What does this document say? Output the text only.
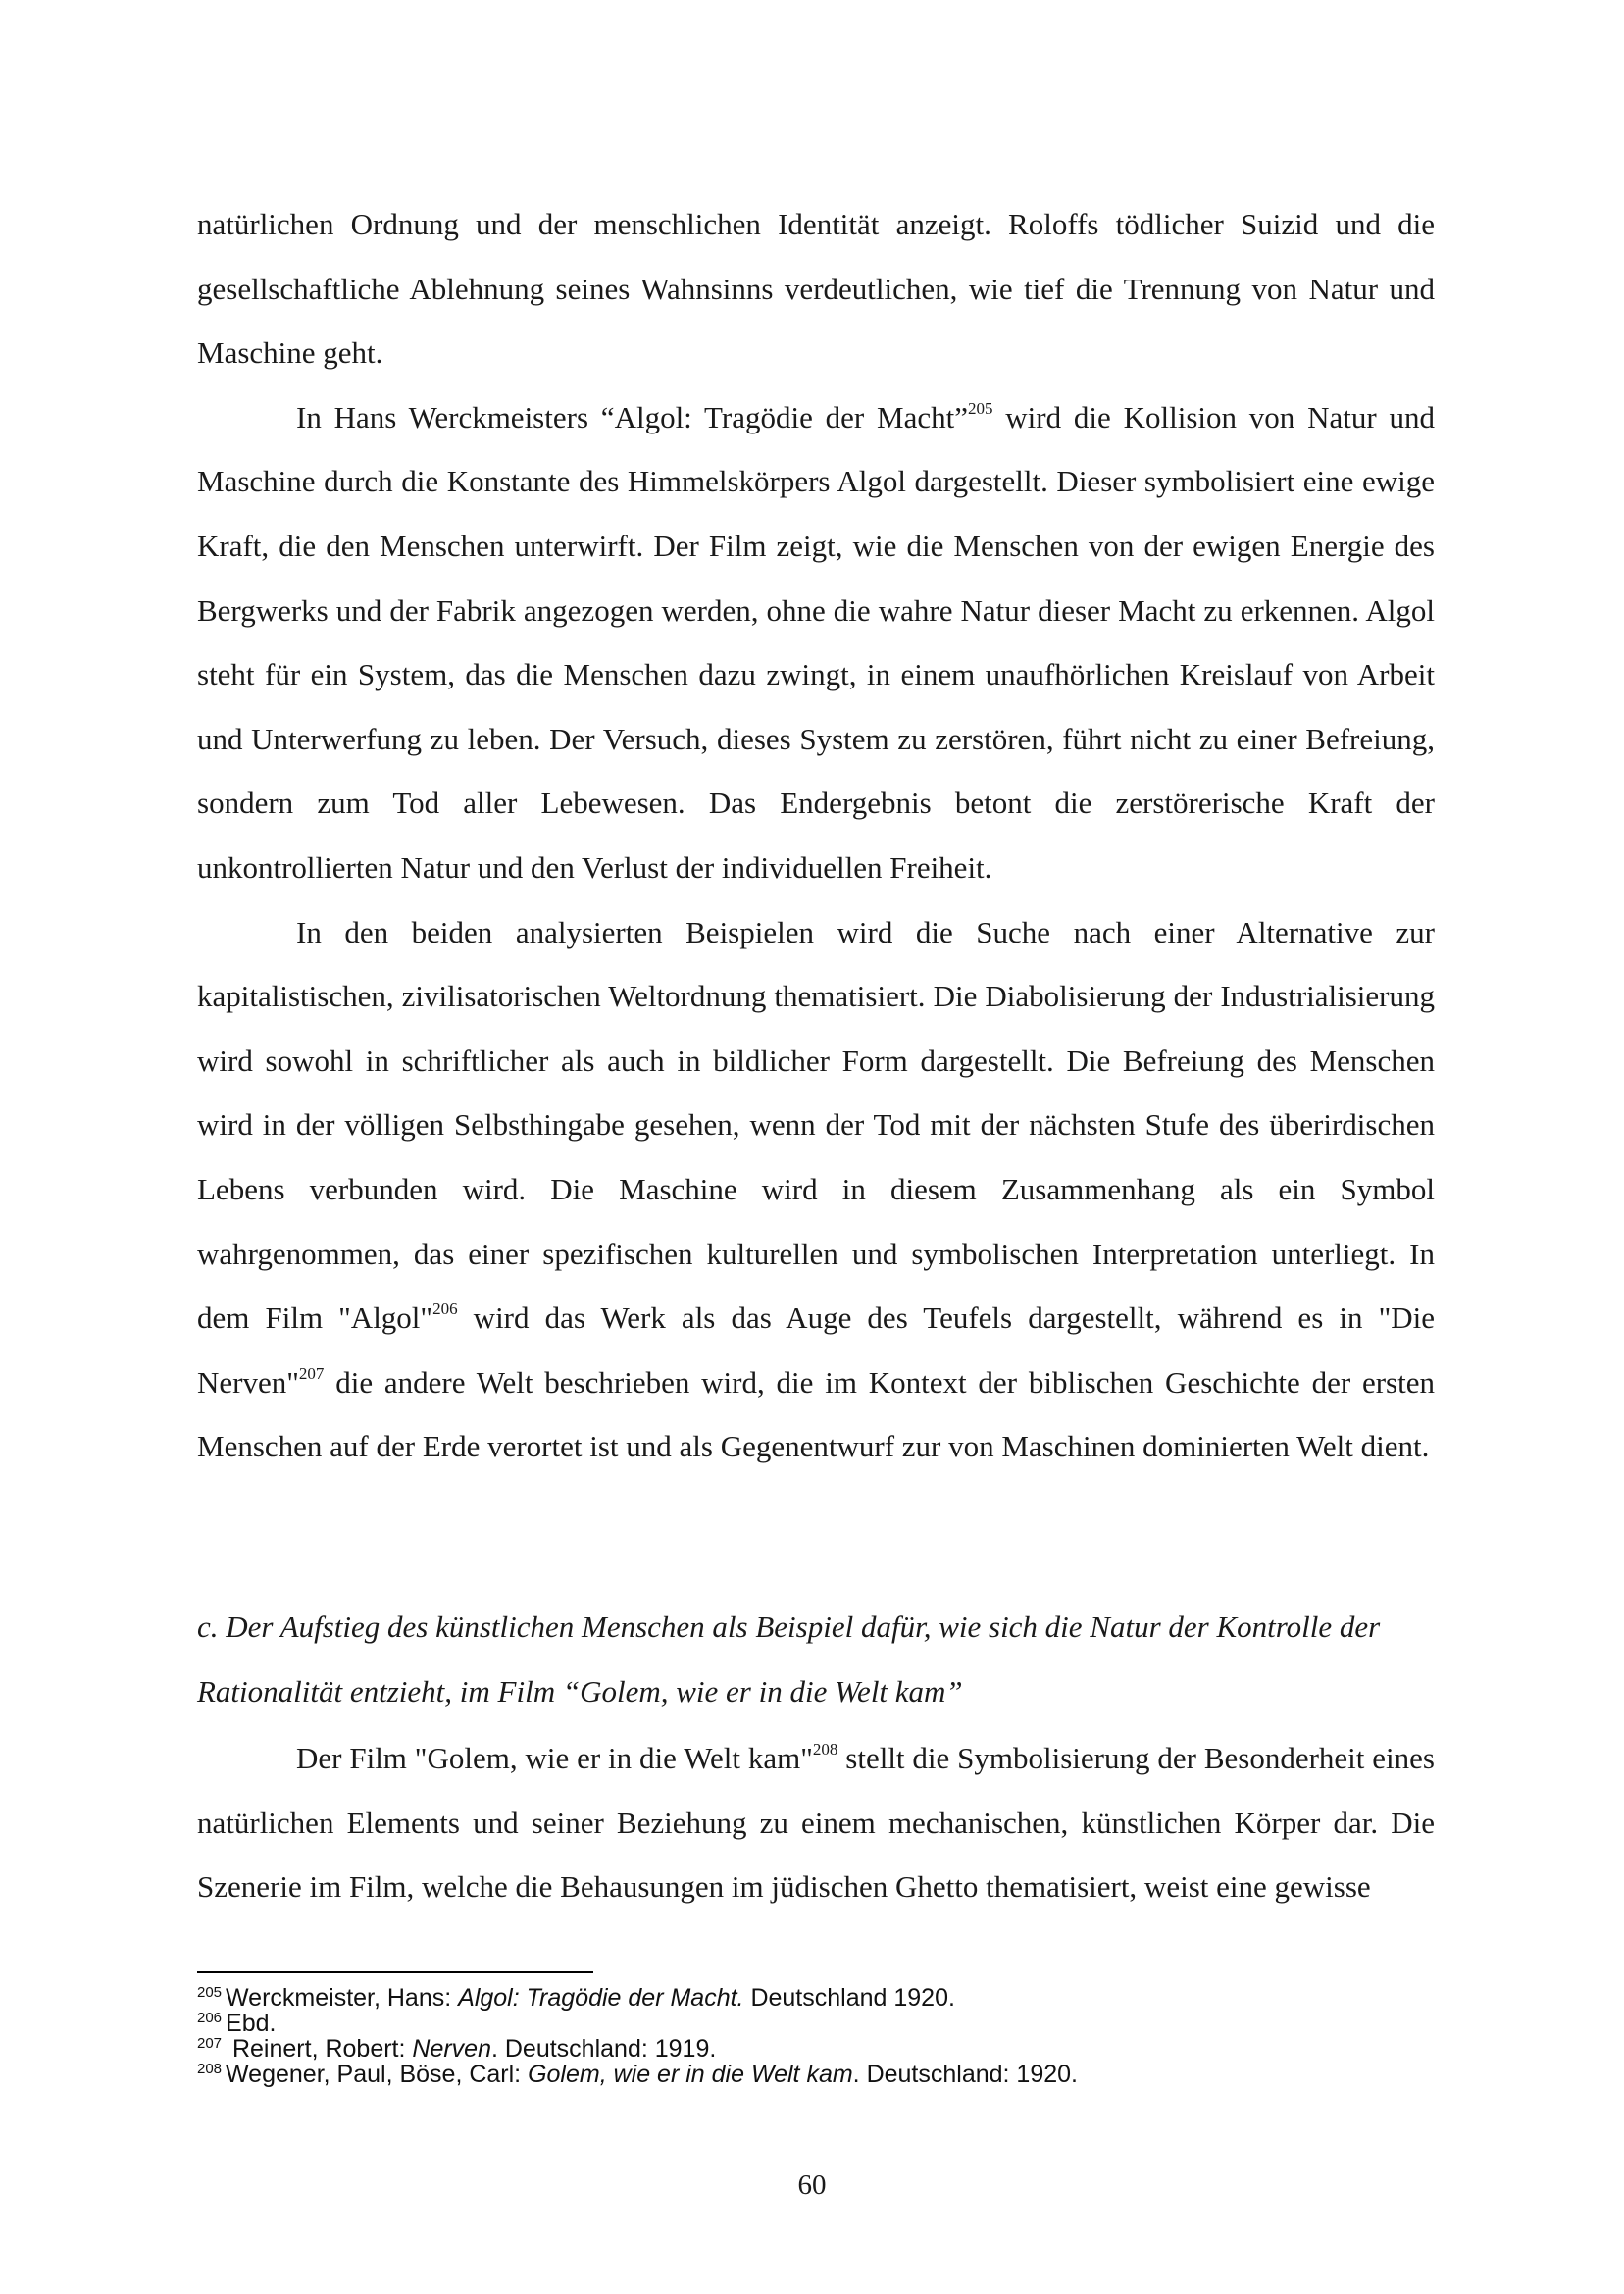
natürlichen Ordnung und der menschlichen Identität anzeigt. Roloffs tödlicher Suizid und die gesellschaftliche Ablehnung seines Wahnsinns verdeutlichen, wie tief die Trennung von Natur und Maschine geht.

In Hans Werckmeisters “Algol: Tragödie der Macht”$^{205}$ wird die Kollision von Natur und Maschine durch die Konstante des Himmelskörpers Algol dargestellt. Dieser symbolisiert eine ewige Kraft, die den Menschen unterwirft. Der Film zeigt, wie die Menschen von der ewigen Energie des Bergwerks und der Fabrik angezogen werden, ohne die wahre Natur dieser Macht zu erkennen. Algol steht für ein System, das die Menschen dazu zwingt, in einem unaufhörlichen Kreislauf von Arbeit und Unterwerfung zu leben. Der Versuch, dieses System zu zerstören, führt nicht zu einer Befreiung, sondern zum Tod aller Lebewesen. Das Endergebnis betont die zerstörerische Kraft der unkontrollierten Natur und den Verlust der individuellen Freiheit.

In den beiden analysierten Beispielen wird die Suche nach einer Alternative zur kapitalistischen, zivilisatorischen Weltordnung thematisiert. Die Diabolisierung der Industrialisierung wird sowohl in schriftlicher als auch in bildlicher Form dargestellt. Die Befreiung des Menschen wird in der völligen Selbsthingabe gesehen, wenn der Tod mit der nächsten Stufe des überirdischen Lebens verbunden wird. Die Maschine wird in diesem Zusammenhang als ein Symbol wahrgenommen, das einer spezifischen kulturellen und symbolischen Interpretation unterliegt. In dem Film "Algol"$^{206}$ wird das Werk als das Auge des Teufels dargestellt, während es in "Die Nerven"$^{207}$ die andere Welt beschrieben wird, die im Kontext der biblischen Geschichte der ersten Menschen auf der Erde verortet ist und als Gegenentwurf zur von Maschinen dominierten Welt dient.

c. Der Aufstieg des künstlichen Menschen als Beispiel dafür, wie sich die Natur der Kontrolle der Rationalität entzieht, im Film “Golem, wie er in die Welt kam”

Der Film "Golem, wie er in die Welt kam"$^{208}$ stellt die Symbolisierung der Besonderheit eines natürlichen Elements und seiner Beziehung zu einem mechanischen, künstlichen Körper dar. Die Szenerie im Film, welche die Behausungen im jüdischen Ghetto thematisiert, weist eine gewisse

$^{205}$ Werckmeister, Hans: Algol: Tragödie der Macht. Deutschland 1920.

$^{206}$ Ebd.

$^{207}$ Reinert, Robert: Nerven. Deutschland: 1919.

$^{208}$ Wegener, Paul, Böse, Carl: Golem, wie er in die Welt kam. Deutschland: 1920.

60
